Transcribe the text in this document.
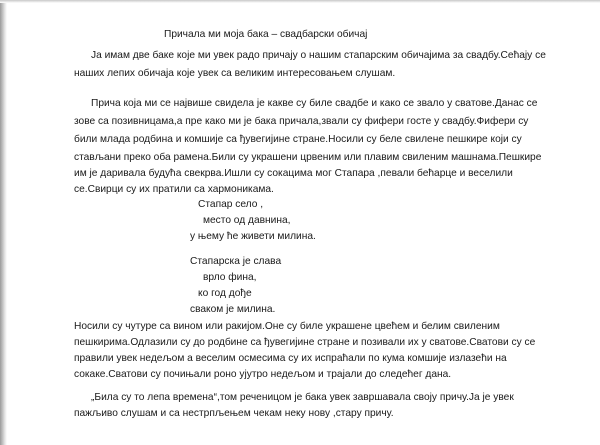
Причала ми моја бака – свадбарски обичај
Ја имам две баке које ми увек радо причају о нашим стапарским обичајима за свадбу.Сећају се
наших лепих обичаја које увек са великим интересовањем слушам.
Прича која ми се највише свидела је какве су биле свадбе и како се звало у сватове.Данас се
зове са позивницама,а пре како ми је бака причала,звали су фифери госте у свадбу.Фифери су
били млада родбина и комшије са ђувегијине стране.Носили су беле свилене пешкире који су
стављани преко оба рамена.Били су украшени црвеним или плавим свиленим машнама.Пешкире
им је даривала будућа свекрва.Ишли су сокацима мог Стапара ,певали бећарце и веселили
се.Свирци су их пратили са хармоникама.
Стапар село ,
место од давнина,
у њему ће живети милина.
Стапарска је слава
врло фина,
ко год дође
сваком је милина.
Носили су чутуре са вином или ракијом.Оне су биле украшене цвећем и белим свиленим
пешкирима.Одлазили су до родбине са ђувегијине стране и позивали их у сватове.Сватови су се
правили увек недељом а веселим осмесима су их испраћали по кума комшије излазећи на
сокаке.Сватови су почињали роно ујутро недељом и трајали до следећег дана.
„Била су то лепа времена“,том реченицом је бака увек завршавала своју причу.Ја је увек
пажљиво слушам и са нестрпљењем чекам неку нову ,стару причу.
